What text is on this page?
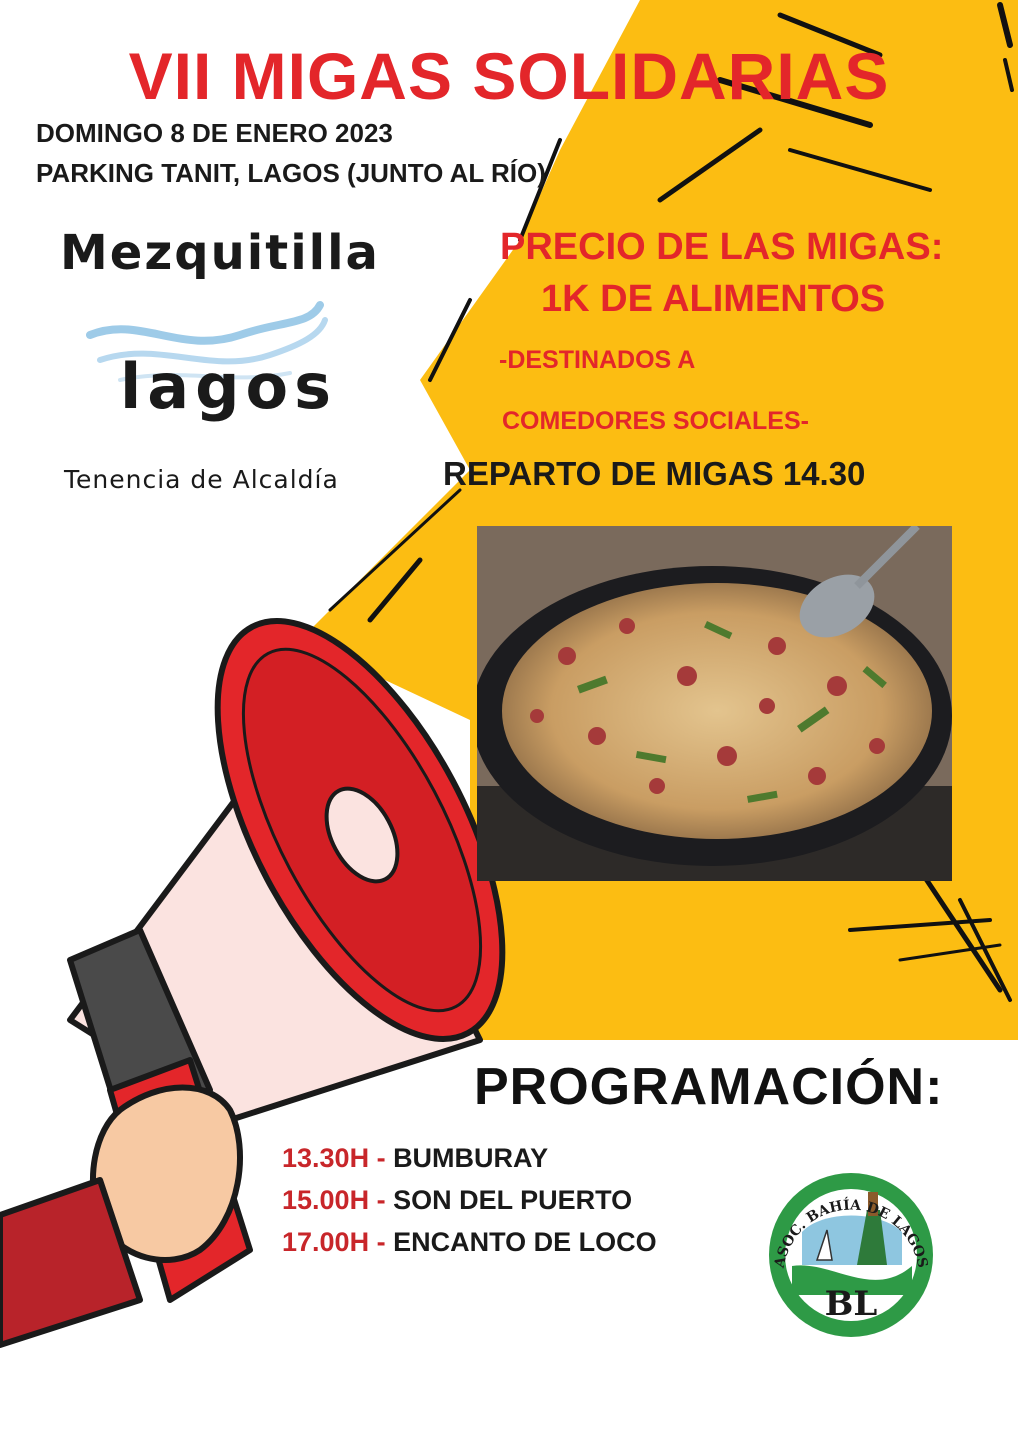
VII MIGAS SOLIDARIAS

DOMINGO 8 DE ENERO 2023

PARKING TANIT, LAGOS (JUNTO AL RÍO)

Mezquitilla

lagos

Tenencia de Alcaldía

PRECIO DE LAS MIGAS:

1K DE ALIMENTOS

-DESTINADOS A

COMEDORES SOCIALES-

REPARTO DE MIGAS 14.30

PROGRAMACIÓN:

13.30H - BUMBURAY

15.00H - SON DEL PUERTO

17.00H - ENCANTO DE LOCO

ASOC. BAHÍA DE LAGOS
BL
